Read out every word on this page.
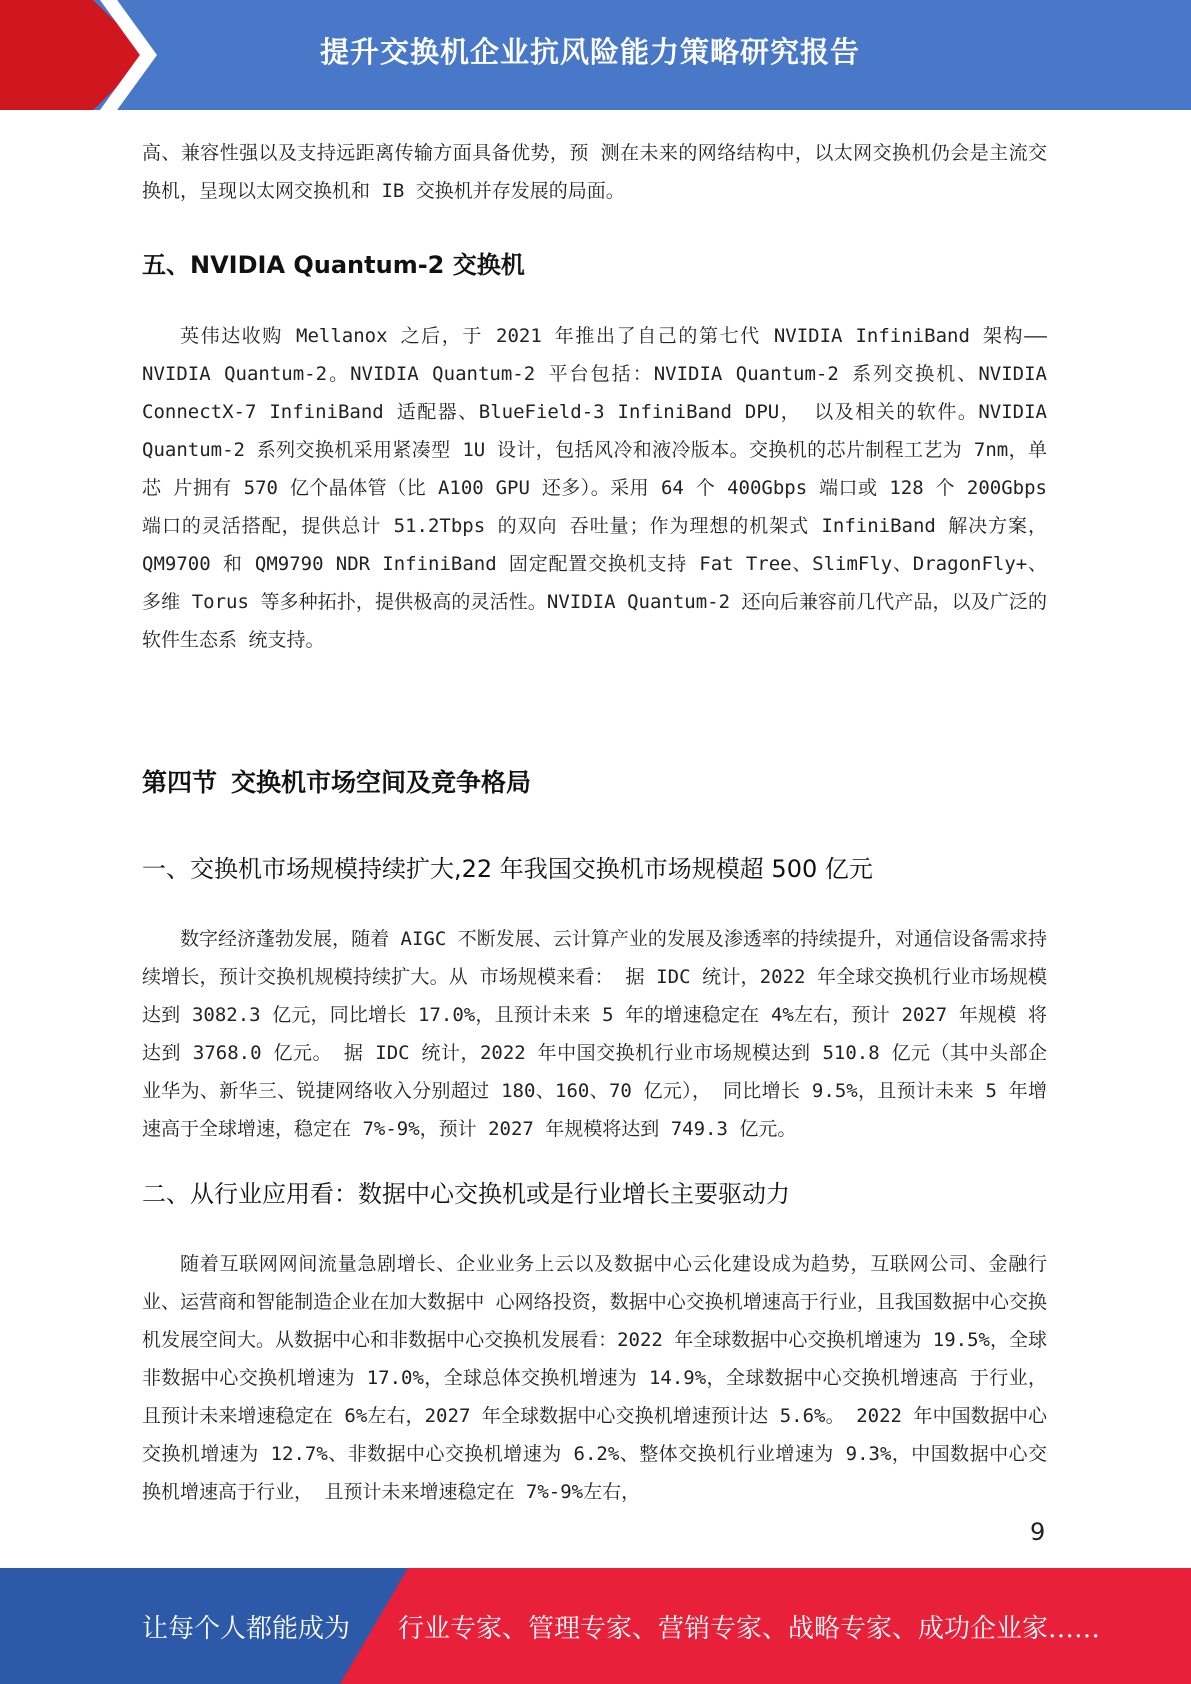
提升交换机企业抗风险能力策略研究报告

高、兼容性强以及支持远距离传输方面具备优势，预 测在未来的网络结构中，以太网交换机仍会是主流交 换机，呈现以太网交换机和 IB 交换机并存发展的局面。

五、NVIDIA Quantum-2 交换机

英伟达收购 Mellanox 之后，于 2021 年推出了自己的第七代 NVIDIA InfiniBand 架构——NVIDIA Quantum-2。NVIDIA Quantum-2 平台包括：NVIDIA Quantum-2 系列交换机、NVIDIA ConnectX-7 InfiniBand 适配器、BlueField-3 InfiniBand DPU， 以及相关的软件。NVIDIA Quantum-2 系列交换机采用紧凑型 1U 设计，包括风冷和液冷版本。交换机的芯片制程工艺为 7nm，单芯 片拥有 570 亿个晶体管（比 A100 GPU 还多）。采用 64 个 400Gbps 端口或 128 个 200Gbps 端口的灵活搭配，提供总计 51.2Tbps 的双向 吞吐量；作为理想的机架式 InfiniBand 解决方案，QM9700 和 QM9790 NDR InfiniBand 固定配置交换机支持 Fat Tree、SlimFly、DragonFly+、多维 Torus 等多种拓扑，提供极高的灵活性。NVIDIA Quantum-2 还向后兼容前几代产品，以及广泛的软件生态系 统支持。

第四节 交换机市场空间及竞争格局
一、交换机市场规模持续扩大,22 年我国交换机市场规模超 500 亿元

数字经济蓬勃发展，随着 AIGC 不断发展、云计算产业的发展及渗透率的持续提升，对通信设备需求持续增长，预计交换机规模持续扩大。从 市场规模来看： 据 IDC 统计，2022 年全球交换机行业市场规模达到 3082.3 亿元，同比增长 17.0%，且预计未来 5 年的增速稳定在 4%左右，预计 2027 年规模 将达到 3768.0 亿元。 据 IDC 统计，2022 年中国交换机行业市场规模达到 510.8 亿元（其中头部企业华为、新华三、锐捷网络收入分别超过 180、160、70 亿元）， 同比增长 9.5%，且预计未来 5 年增速高于全球增速，稳定在 7%-9%，预计 2027 年规模将达到 749.3 亿元。

二、从行业应用看：数据中心交换机或是行业增长主要驱动力

随着互联网网间流量急剧增长、企业业务上云以及数据中心云化建设成为趋势，互联网公司、金融行业、运营商和智能制造企业在加大数据中 心网络投资，数据中心交换机增速高于行业，且我国数据中心交换机发展空间大。从数据中心和非数据中心交换机发展看：2022 年全球数据中心交换机增速为 19.5%，全球非数据中心交换机增速为 17.0%，全球总体交换机增速为 14.9%，全球数据中心交换机增速高 于行业，且预计未来增速稳定在 6%左右，2027 年全球数据中心交换机增速预计达 5.6%。 2022 年中国数据中心交换机增速为 12.7%、非数据中心交换机增速为 6.2%、整体交换机行业增速为 9.3%，中国数据中心交换机增速高于行业， 且预计未来增速稳定在 7%-9%左右，

9
让每个人都能成为 行业专家、管理专家、营销专家、战略专家、成功企业家……
